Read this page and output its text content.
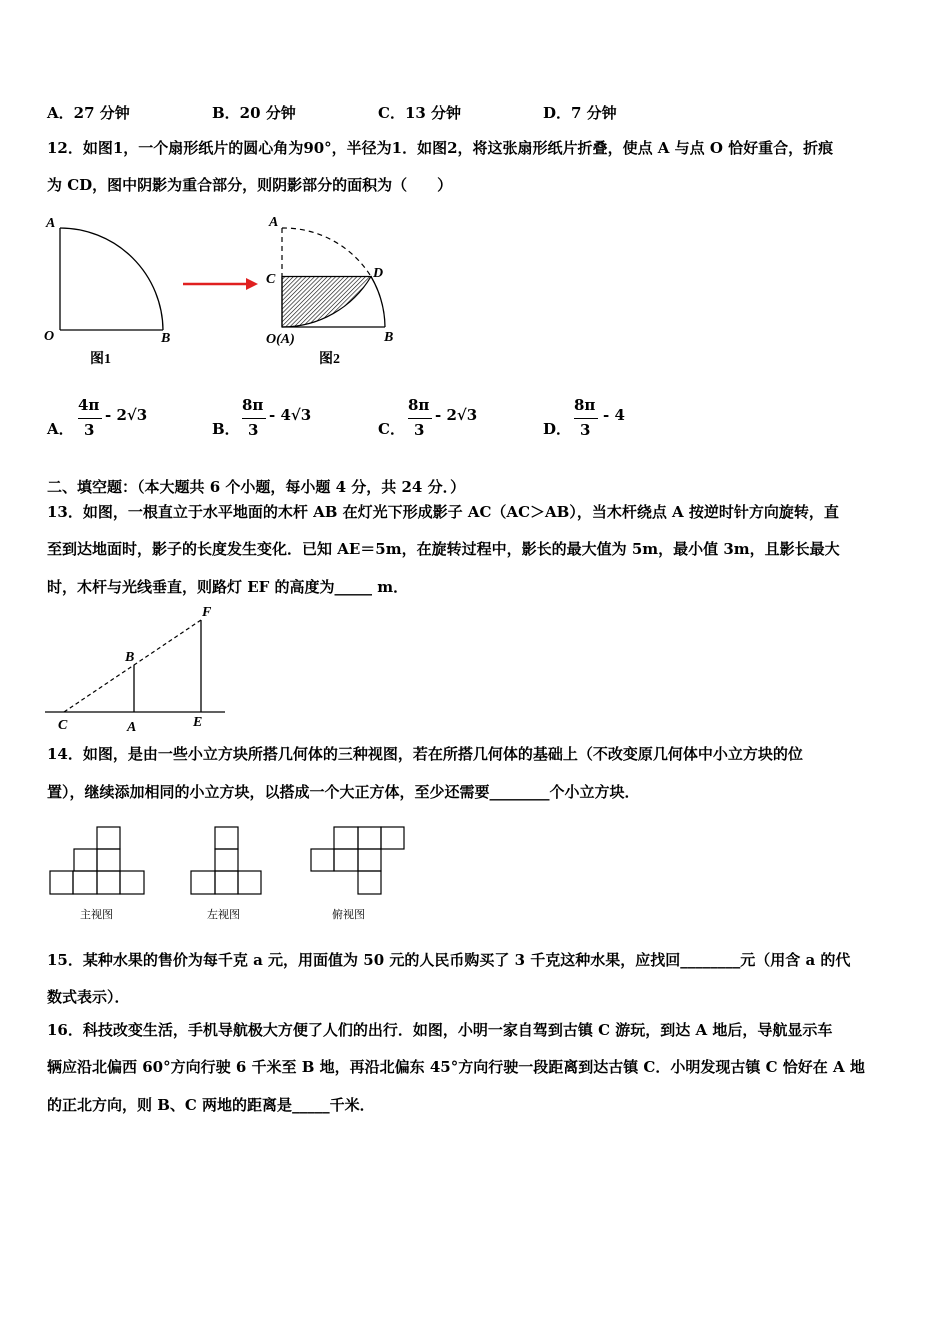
A．27 分钟	B．20 分钟	C．13 分钟	D．7 分钟
12．如图1，一个扇形纸片的圆心角为90°，半径为1．如图2，将这张扇形纸片折叠，使点 A 与点 O 恰好重合，折痕
为 CD，图中阴影为重合部分，则阴影部分的面积为（　　）
A
O	B
图1
A
C	D
O(A)	B
图2
A．
4π
3
- 2√3
B．
8π
3
- 4√3
C．
8π
3
- 2√3
D．
8π
3
- 4
二、填空题：（本大题共 6 个小题，每小题 4 分，共 24 分．）
13．如图，一根直立于水平地面的木杆 AB 在灯光下形成影子 AC（AC＞AB），当木杆绕点 A 按逆时针方向旋转，直
至到达地面时，影子的长度发生变化．已知 AE＝5m，在旋转过程中，影长的最大值为 5m，最小值 3m，且影长最大
时，木杆与光线垂直，则路灯 EF 的高度为_____ m．
F
B
C	A	E
14．如图，是由一些小立方块所搭几何体的三种视图，若在所搭几何体的基础上（不改变原几何体中小立方块的位
置），继续添加相同的小立方块，以搭成一个大正方体，至少还需要________个小立方块．
主视图	左视图	俯视图
15．某种水果的售价为每千克 a 元，用面值为 50 元的人民币购买了 3 千克这种水果，应找回________元（用含 a 的代
数式表示）．
16．科技改变生活，手机导航极大方便了人们的出行．如图，小明一家自驾到古镇 C 游玩，到达 A 地后，导航显示车
辆应沿北偏西 60°方向行驶 6 千米至 B 地，再沿北偏东 45°方向行驶一段距离到达古镇 C．小明发现古镇 C 恰好在 A 地
的正北方向，则 B、C 两地的距离是_____千米．
